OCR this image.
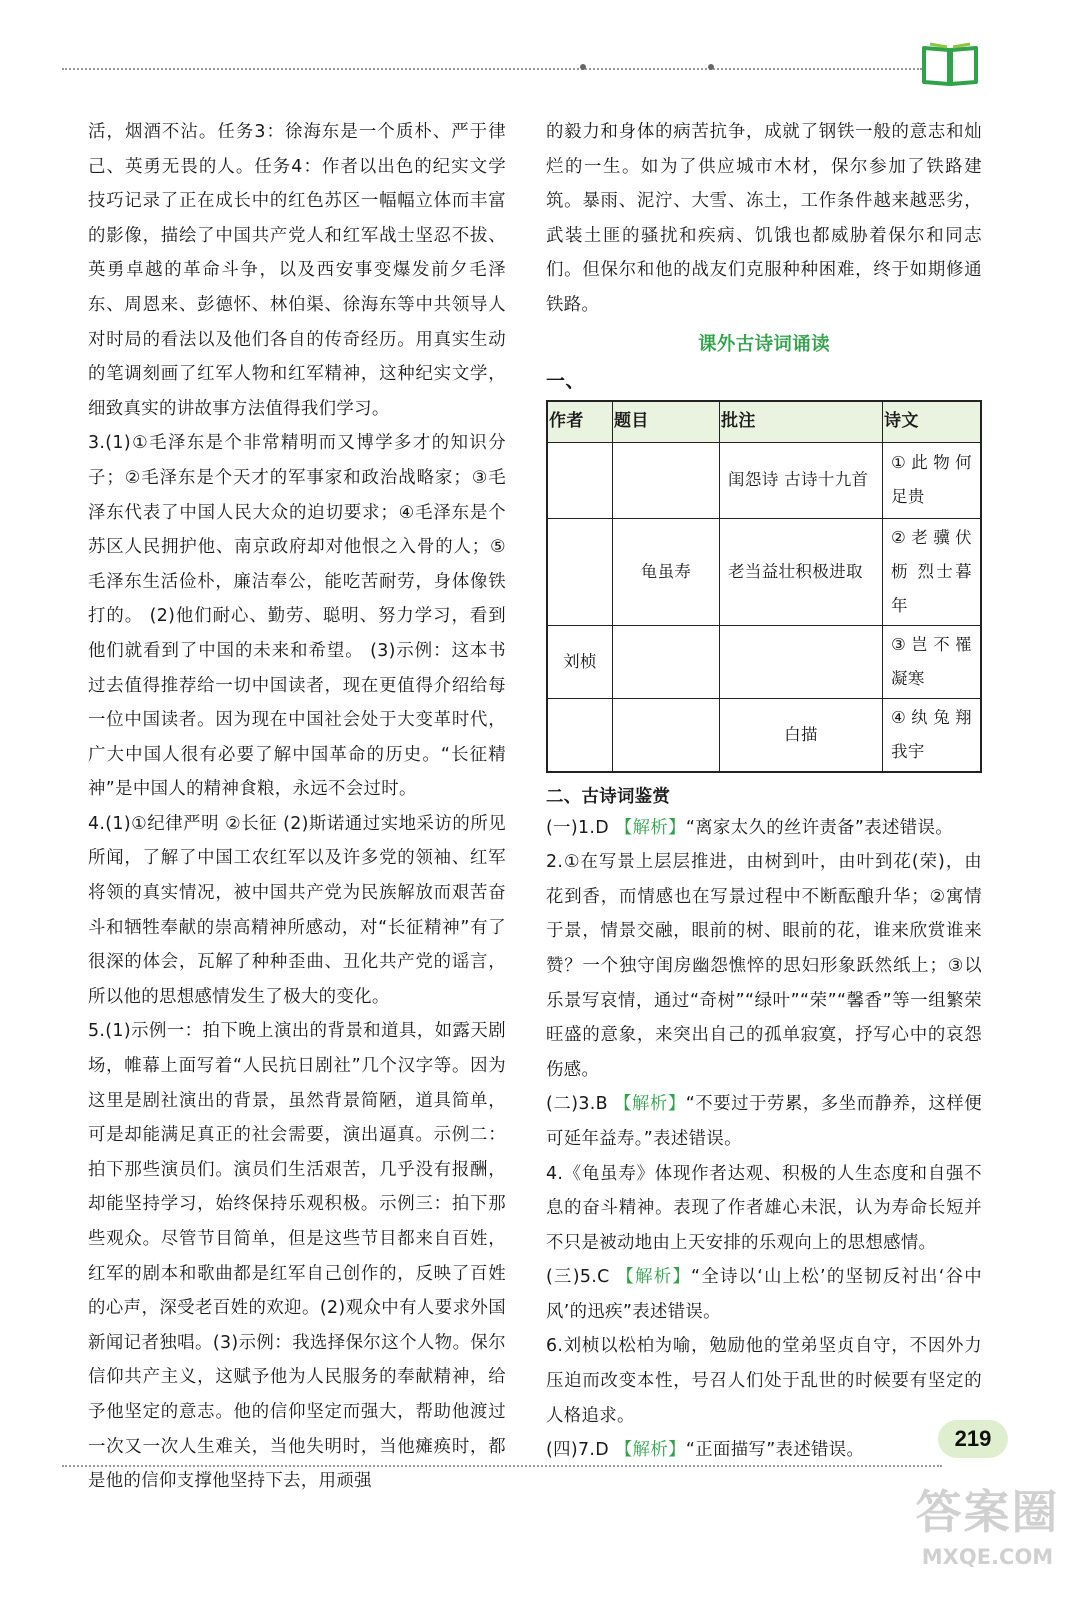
活，烟酒不沾。任务3：徐海东是一个质朴、严于律己、英勇无畏的人。任务4：作者以出色的纪实文学技巧记录了正在成长中的红色苏区一幅幅立体而丰富的影像，描绘了中国共产党人和红军战士坚忍不拔、英勇卓越的革命斗争，以及西安事变爆发前夕毛泽东、周恩来、彭德怀、林伯渠、徐海东等中共领导人对时局的看法以及他们各自的传奇经历。用真实生动的笔调刻画了红军人物和红军精神，这种纪实文学，细致真实的讲故事方法值得我们学习。

3.(1)①毛泽东是个非常精明而又博学多才的知识分子；②毛泽东是个天才的军事家和政治战略家；③毛泽东代表了中国人民大众的迫切要求；④毛泽东是个苏区人民拥护他、南京政府却对他恨之入骨的人；⑤毛泽东生活俭朴，廉洁奉公，能吃苦耐劳，身体像铁打的。 (2)他们耐心、勤劳、聪明、努力学习，看到他们就看到了中国的未来和希望。 (3)示例：这本书过去值得推荐给一切中国读者，现在更值得介绍给每一位中国读者。因为现在中国社会处于大变革时代，广大中国人很有必要了解中国革命的历史。“长征精神”是中国人的精神食粮，永远不会过时。

4.(1)①纪律严明 ②长征 (2)斯诺通过实地采访的所见所闻，了解了中国工农红军以及许多党的领袖、红军将领的真实情况，被中国共产党为民族解放而艰苦奋斗和牺牲奉献的崇高精神所感动，对“长征精神”有了很深的体会，瓦解了种种歪曲、丑化共产党的谣言，所以他的思想感情发生了极大的变化。

5.(1)示例一：拍下晚上演出的背景和道具，如露天剧场，帷幕上面写着“人民抗日剧社”几个汉字等。因为这里是剧社演出的背景，虽然背景简陋，道具简单，可是却能满足真正的社会需要，演出逼真。示例二：拍下那些演员们。演员们生活艰苦，几乎没有报酬，却能坚持学习，始终保持乐观积极。示例三：拍下那些观众。尽管节目简单，但是这些节目都来自百姓，红军的剧本和歌曲都是红军自己创作的，反映了百姓的心声，深受老百姓的欢迎。(2)观众中有人要求外国新闻记者独唱。(3)示例：我选择保尔这个人物。保尔信仰共产主义，这赋予他为人民服务的奉献精神，给予他坚定的意志。他的信仰坚定而强大，帮助他渡过一次又一次人生难关，当他失明时，当他瘫痪时，都是他的信仰支撑他坚持下去，用顽强

的毅力和身体的病苦抗争，成就了钢铁一般的意志和灿烂的一生。如为了供应城市木材，保尔参加了铁路建筑。暴雨、泥泞、大雪、冻土，工作条件越来越恶劣，武装土匪的骚扰和疾病、饥饿也都威胁着保尔和同志们。但保尔和他的战友们克服种种困难，终于如期修通铁路。

课外古诗词诵读

一、

作者	题目	批注	诗文
		闺怨诗 古诗十九首	①此物何足贵
	龟虽寿	老当益壮积极进取	②老骥伏枥 烈士暮年
刘桢			③岂不罹凝寒
		白描	④纨兔翔我宇

二、古诗词鉴赏

(一)1.D 【解析】“离家太久的丝许责备”表述错误。

2.①在写景上层层推进，由树到叶，由叶到花(荣)，由花到香，而情感也在写景过程中不断酝酿升华；②寓情于景，情景交融，眼前的树、眼前的花，谁来欣赏谁来赞？一个独守闺房幽怨憔悴的思妇形象跃然纸上；③以乐景写哀情，通过“奇树”“绿叶”“荣”“馨香”等一组繁荣旺盛的意象，来突出自己的孤单寂寞，抒写心中的哀怨伤感。

(二)3.B 【解析】“不要过于劳累，多坐而静养，这样便可延年益寿。”表述错误。

4.《龟虽寿》体现作者达观、积极的人生态度和自强不息的奋斗精神。表现了作者雄心未泯，认为寿命长短并不只是被动地由上天安排的乐观向上的思想感情。

(三)5.C 【解析】“全诗以‘山上松’的坚韧反衬出‘谷中风’的迅疾”表述错误。

6.刘桢以松柏为喻，勉励他的堂弟坚贞自守，不因外力压迫而改变本性，号召人们处于乱世的时候要有坚定的人格追求。

(四)7.D 【解析】“正面描写”表述错误。	219
答案圈
MXQE.COM
